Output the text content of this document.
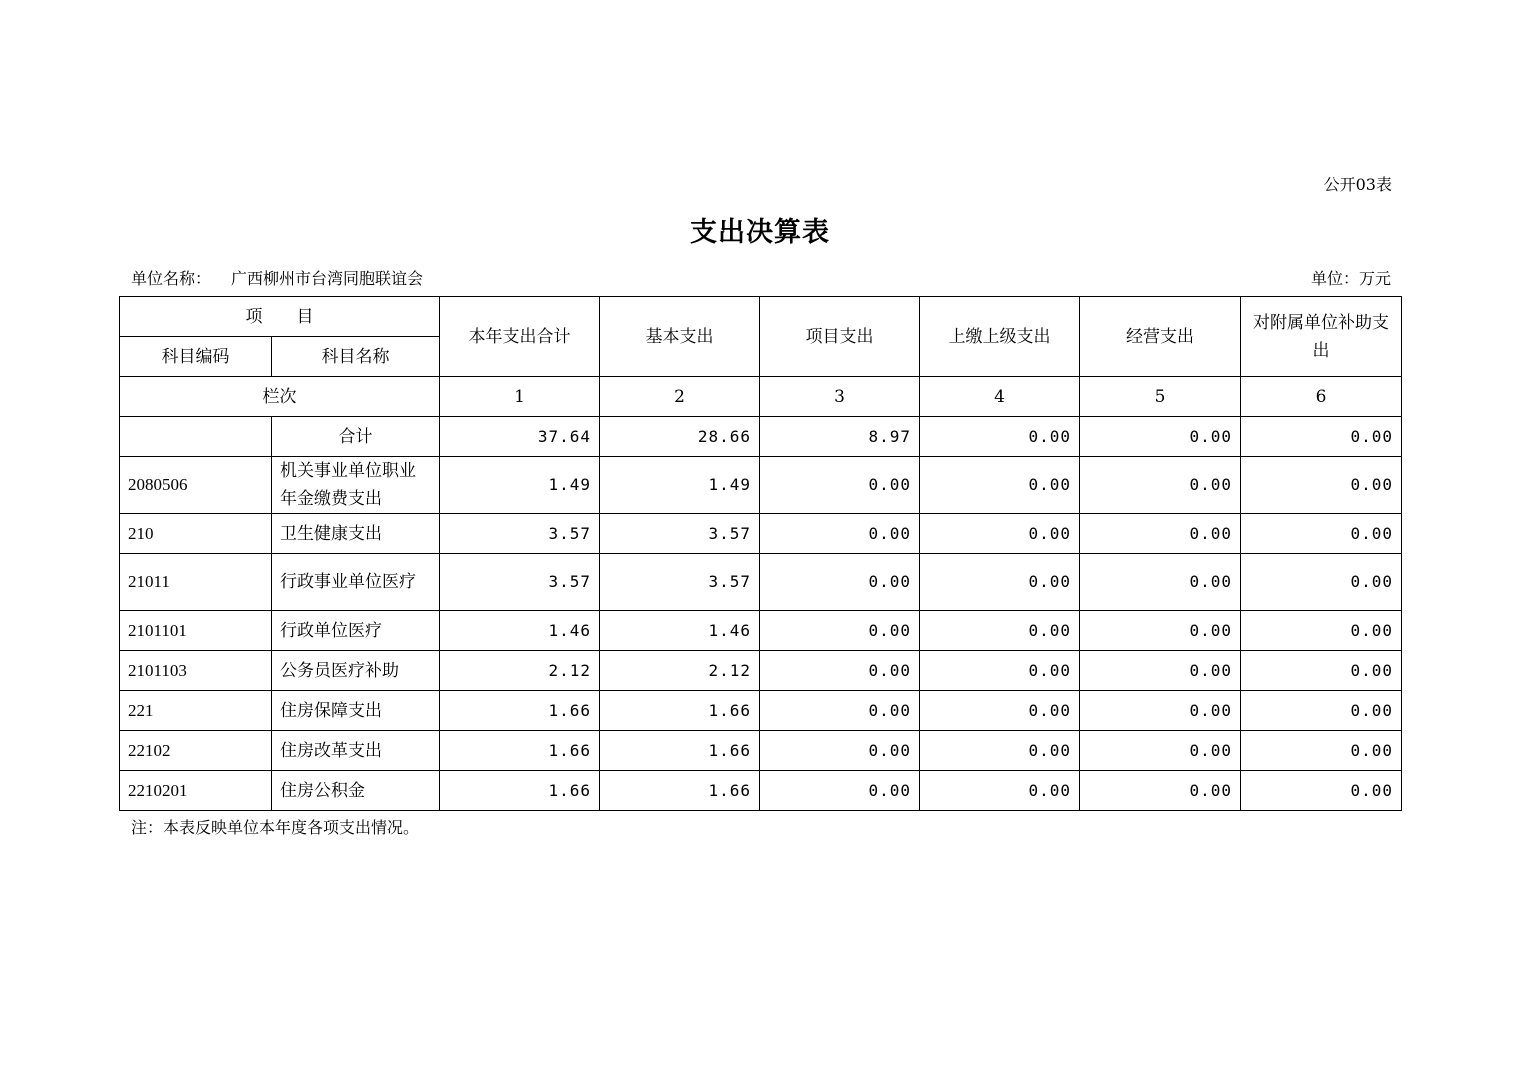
公开03表
支出决算表
单位名称： 广西柳州市台湾同胞联谊会	单位：万元
项　　目		本年支出合计	基本支出	项目支出	上缴上级支出	经营支出	对附属单位补助支出
科目编码	科目名称						
栏次		1	2	3	4	5	6
	合计	37.64	28.66	8.97	0.00	0.00	0.00
2080506	机关事业单位职业年金缴费支出	1.49	1.49	0.00	0.00	0.00	0.00
210	卫生健康支出	3.57	3.57	0.00	0.00	0.00	0.00
21011	行政事业单位医疗	3.57	3.57	0.00	0.00	0.00	0.00
2101101	行政单位医疗	1.46	1.46	0.00	0.00	0.00	0.00
2101103	公务员医疗补助	2.12	2.12	0.00	0.00	0.00	0.00
221	住房保障支出	1.66	1.66	0.00	0.00	0.00	0.00
22102	住房改革支出	1.66	1.66	0.00	0.00	0.00	0.00
2210201	住房公积金	1.66	1.66	0.00	0.00	0.00	0.00
注：本表反映单位本年度各项支出情况。
